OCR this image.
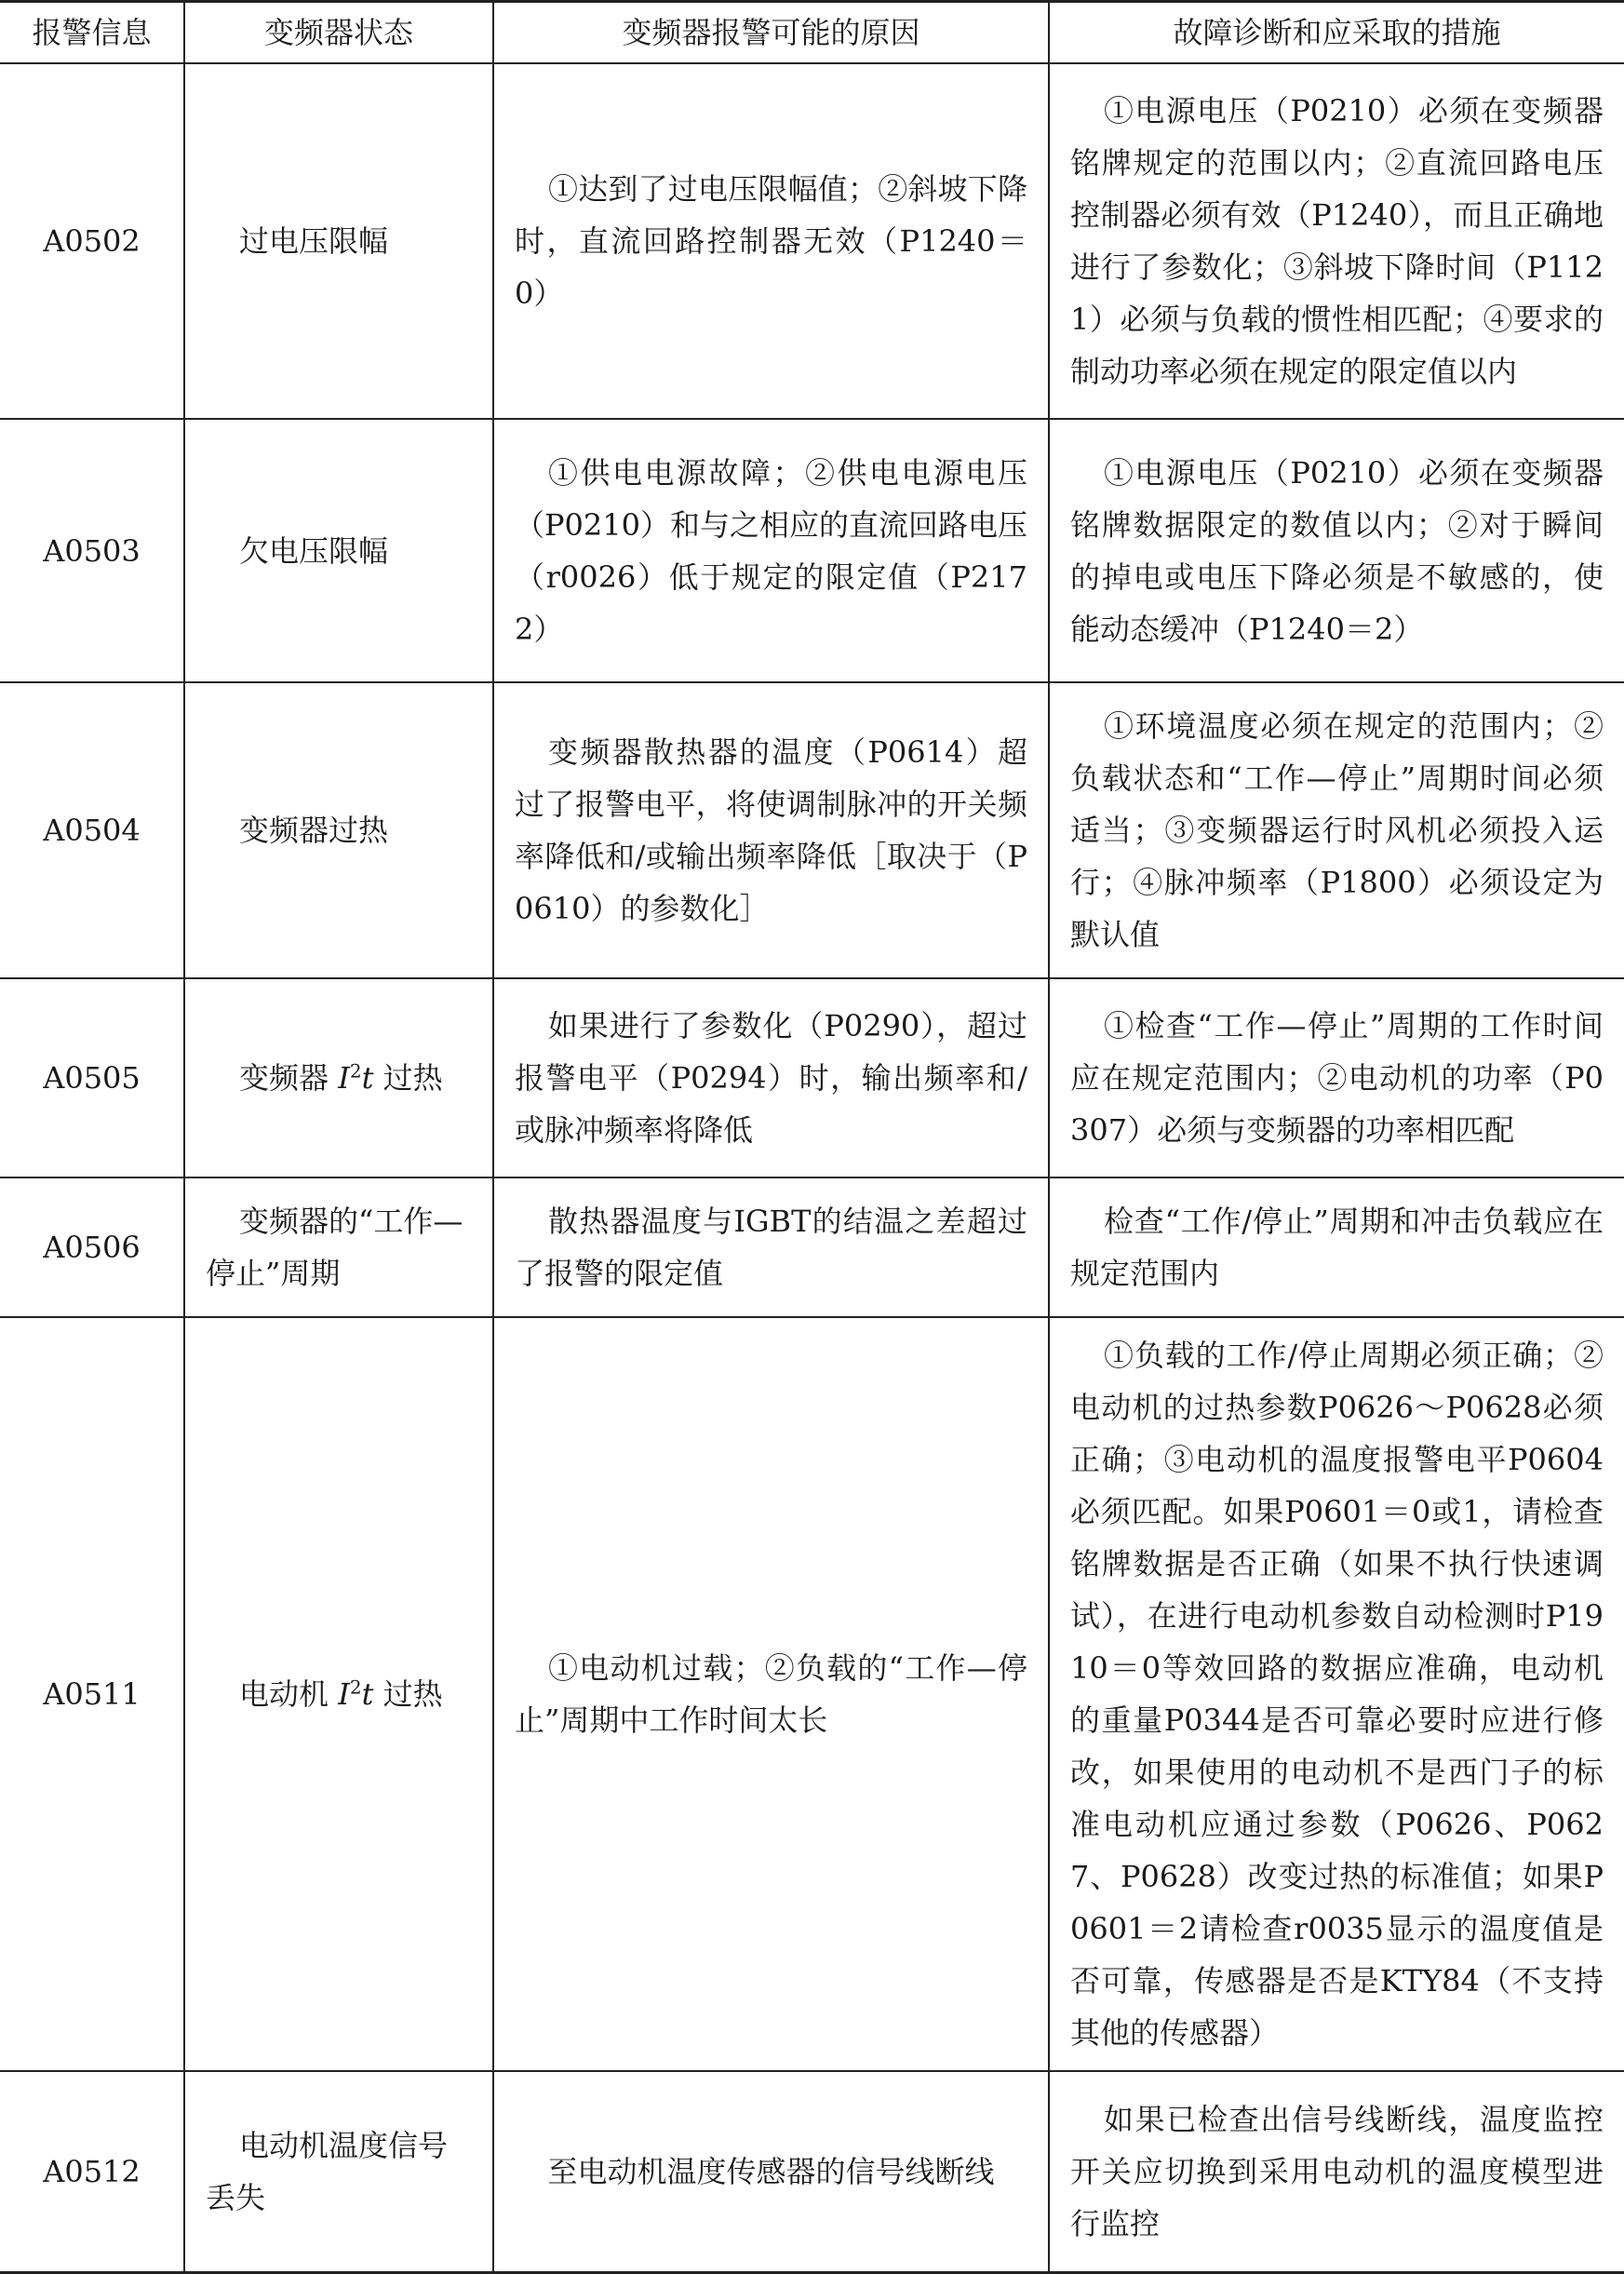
报警信息	变频器状态	变频器报警可能的原因	故障诊断和应采取的措施
A0502	过电压限幅	①达到了过电压限幅值；②斜坡下降时，直流回路控制器无效（P1240＝0）	①电源电压（P0210）必须在变频器铭牌规定的范围以内；②直流回路电压控制器必须有效（P1240），而且正确地进行了参数化；③斜坡下降时间（P1121）必须与负载的惯性相匹配；④要求的制动功率必须在规定的限定值以内
A0503	欠电压限幅	①供电电源故障；②供电电源电压（P0210）和与之相应的直流回路电压（r0026）低于规定的限定值（P2172）	①电源电压（P0210）必须在变频器铭牌数据限定的数值以内；②对于瞬间的掉电或电压下降必须是不敏感的，使能动态缓冲（P1240＝2）
A0504	变频器过热	变频器散热器的温度（P0614）超过了报警电平，将使调制脉冲的开关频率降低和/或输出频率降低［取决于（P0610）的参数化］	①环境温度必须在规定的范围内；②负载状态和“工作—停止”周期时间必须适当；③变频器运行时风机必须投入运行；④脉冲频率（P1800）必须设定为默认值
A0505	变频器 $I^2t$ 过热	如果进行了参数化（P0290），超过报警电平（P0294）时，输出频率和/或脉冲频率将降低	①检查“工作—停止”周期的工作时间应在规定范围内；②电动机的功率（P0307）必须与变频器的功率相匹配
A0506	变频器的“工作—停止”周期	散热器温度与IGBT的结温之差超过了报警的限定值	检查“工作/停止”周期和冲击负载应在规定范围内
A0511	电动机 $I^2t$ 过热	①电动机过载；②负载的“工作—停止”周期中工作时间太长	①负载的工作/停止周期必须正确；②电动机的过热参数P0626～P0628必须正确；③电动机的温度报警电平P0604必须匹配。如果P0601＝0或1，请检查铭牌数据是否正确（如果不执行快速调试），在进行电动机参数自动检测时P1910＝0等效回路的数据应准确，电动机的重量P0344是否可靠必要时应进行修改，如果使用的电动机不是西门子的标准电动机应通过参数（P0626、P0627、P0628）改变过热的标准值；如果P0601＝2请检查r0035显示的温度值是否可靠，传感器是否是KTY84（不支持其他的传感器）
A0512	电动机温度信号丢失	至电动机温度传感器的信号线断线	如果已检查出信号线断线，温度监控开关应切换到采用电动机的温度模型进行监控
